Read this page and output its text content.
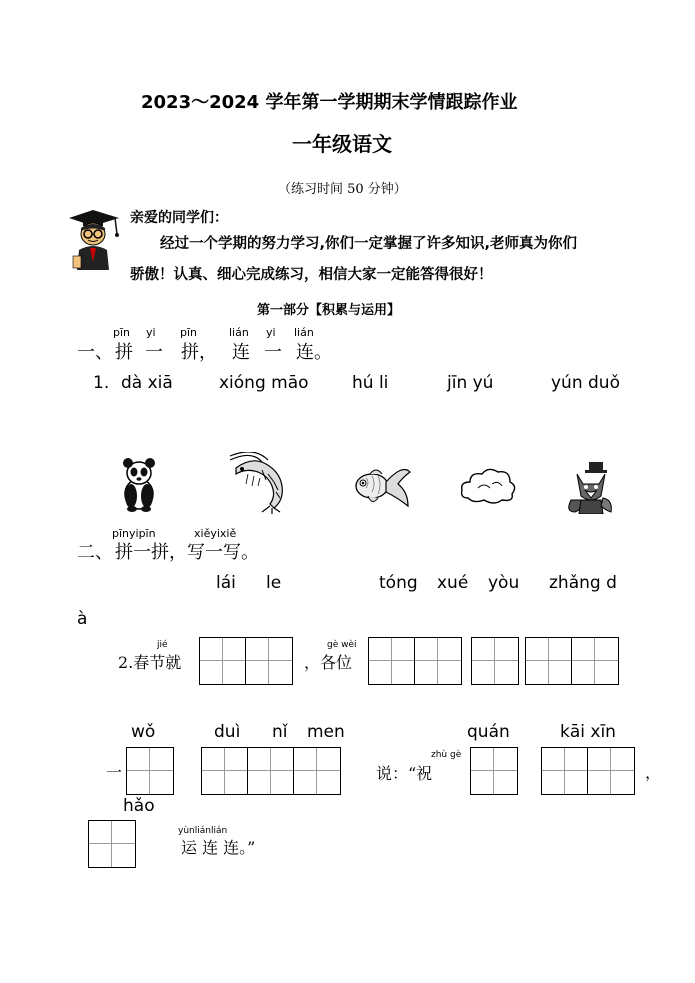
2023～2024 学年第一学期期末学情跟踪作业
一年级语文
（练习时间 50 分钟）
亲爱的同学们：
经过一个学期的努力学习,你们一定掌握了许多知识,老师真为你们
骄傲！认真、细心完成练习，相信大家一定能答得很好！
第一部分【积累与运用】
一、
pīn yi pīn	lián yi lián
拼 一 拼， 连 一 连。
1. dà xiā	xióng māo	hú li	jīn yú	yún duǒ
二、
pīnyipīn	xiěyixiě
拼一拼，写一写。
lái le	tóng xué yòu zhǎng d
à
jié
2.春节就
gè wèi
，各位
wǒ	duì nǐ men	quán	kāi xīn
一
zhù gè
说：“祝	，
hǎo
yùnliánlián
运 连 连。”
